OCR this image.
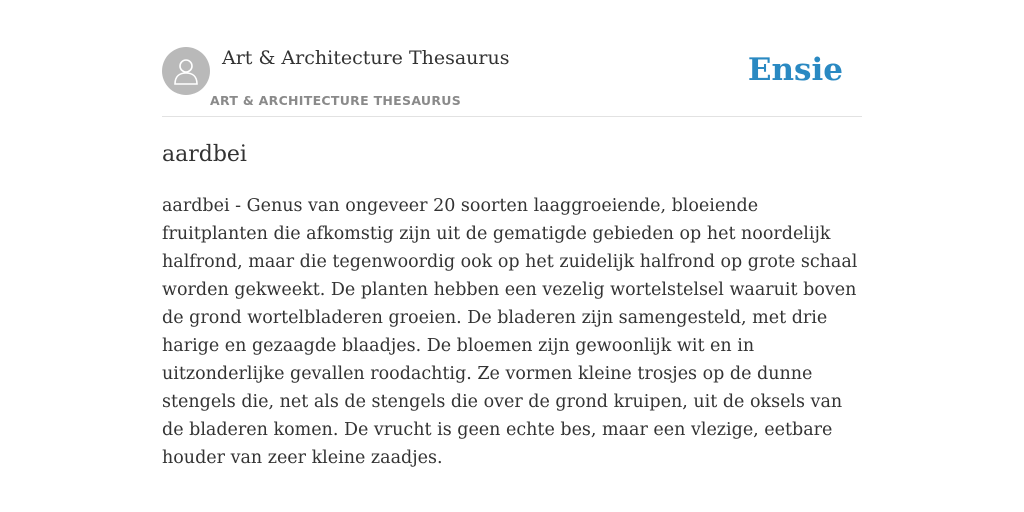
Art & Architecture Thesaurus
ART & ARCHITECTURE THESAURUS
Ensie
aardbei

aardbei - Genus van ongeveer 20 soorten laaggroeiende, bloeiende fruitplanten die afkomstig zijn uit de gematigde gebieden op het noordelijk halfrond, maar die tegenwoordig ook op het zuidelijk halfrond op grote schaal worden gekweekt. De planten hebben een vezelig wortelstelsel waaruit boven de grond wortelbladeren groeien. De bladeren zijn samengesteld, met drie harige en gezaagde blaadjes. De bloemen zijn gewoonlijk wit en in uitzonderlijke gevallen roodachtig. Ze vormen kleine trosjes op de dunne stengels die, net als de stengels die over de grond kruipen, uit de oksels van de bladeren komen. De vrucht is geen echte bes, maar een vlezige, eetbare houder van zeer kleine zaadjes.
